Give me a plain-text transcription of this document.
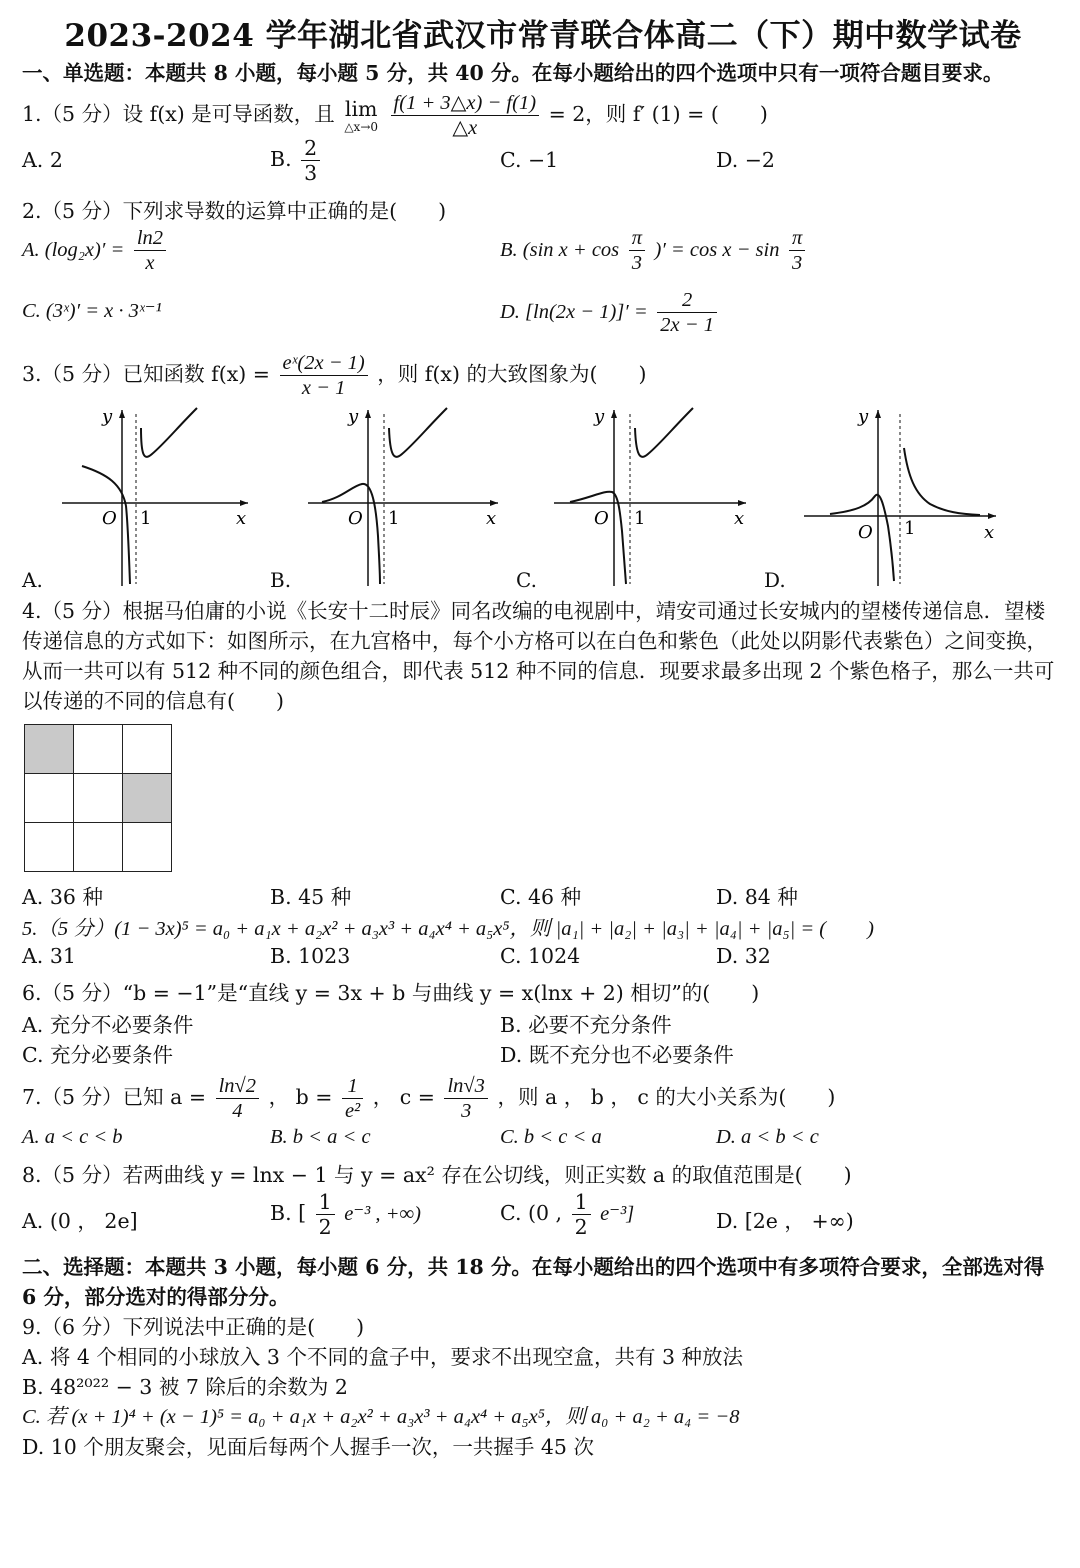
2023-2024 学年湖北省武汉市常青联合体高二（下）期中数学试卷

一、单选题：本题共 8 小题，每小题 5 分，共 40 分。在每小题给出的四个选项中只有一项符合题目要求。

1.（5 分）设 f(x) 是可导函数，且 lim
△x→0
$\frac{f(1 + 3\triangle x) - f(1)}{\triangle x} = 2$，则 f′ (1) = (　　)
A. 2	B. $\frac{2}{3}$	C. −1	D. −2

2.（5 分）下列求导数的运算中正确的是(　　)

A. $(\log_2x)' = \frac{\ln 2}{x}$	B. (sin $x + \cos \frac{\pi}{3}$ )′ = $\cos x - \sin \frac{\pi}{3}$
C. (3ˣ)′ = x · 3ˣ⁻¹	D. $[\ln(2x - 1)]' = \frac{2}{2x - 1}$
3.（5 分）已知函数 $f(x) = \frac{\text{eˣ(2x − 1)}}{x - 1}$ ，则 f(x) 的大致图象为(　　)
y
O 1	x
A.
y
O 1	x
B.
y
O 1	x
C.
y
O 1	x
D.

4.（5 分）根据马伯庸的小说《长安十二时辰》同名改编的电视剧中，靖安司通过长安城内的望楼传递信息．望楼传递信息的方式如下：如图所示，在九宫格中，每个小方格可以在白色和紫色（此处以阴影代表紫色）之间变换，从而一共可以有 512 种不同的颜色组合，即代表 512 种不同的信息．现要求最多出现 2 个紫色格子，那么一共可以传递的不同的信息有(　　)

A. 36 种	B. 45 种	C. 46 种	D. 84 种

5.（5 分）(1 − 3x)⁵ = a₀ + a₁x + a₂x² + a₃x³ + a₄x⁴ + a₅x⁵，则 |a₁| + |a₂| + |a₃| + |a₄| + |a₅| = (　　)

A. 31	B. 1023	C. 1024	D. 32

6.（5 分）“b = −1”是“直线 y = 3x + b 与曲线 y = x(lnx + 2) 相切”的(　　)

A. 充分不必要条件	B. 必要不充分条件
C. 充分必要条件	D. 既不充分也不必要条件
7.（5 分）已知 $a = \frac{\ln√2}{4}$ ， $b = \frac{1}{\text{e²}}$ ， $c = \frac{\ln√3}{3}$ ，则 a ， b ， c 的大小关系为(　　)
A. a < c < b	B. b < a < c	C. b < c < a	D. a < b < c

8.（5 分）若两曲线 y = lnx − 1 与 y = ax² 存在公切线，则正实数 a 的取值范围是(　　)

A. (0 ， 2e]	B. [ $\frac{1}{2} e^{-3}$ , +∞)	C. (0 , $\frac{1}{2} e^{-3}$]	D. [2e ， +∞)

二、选择题：本题共 3 小题，每小题 6 分，共 18 分。在每小题给出的四个选项中有多项符合要求，全部选对得 6 分，部分选对的得部分分。

9.（6 分）下列说法中正确的是(　　)

A. 将 4 个相同的小球放入 3 个不同的盒子中，要求不出现空盒，共有 3 种放法

B. 48²⁰²² − 3 被 7 除后的余数为 2

C. 若 (x + 1)⁴ + (x − 1)⁵ = a₀ + a₁x + a₂x² + a₃x³ + a₄x⁴ + a₅x⁵，则 a₀ + a₂ + a₄ = −8

D. 10 个朋友聚会，见面后每两个人握手一次，一共握手 45 次
